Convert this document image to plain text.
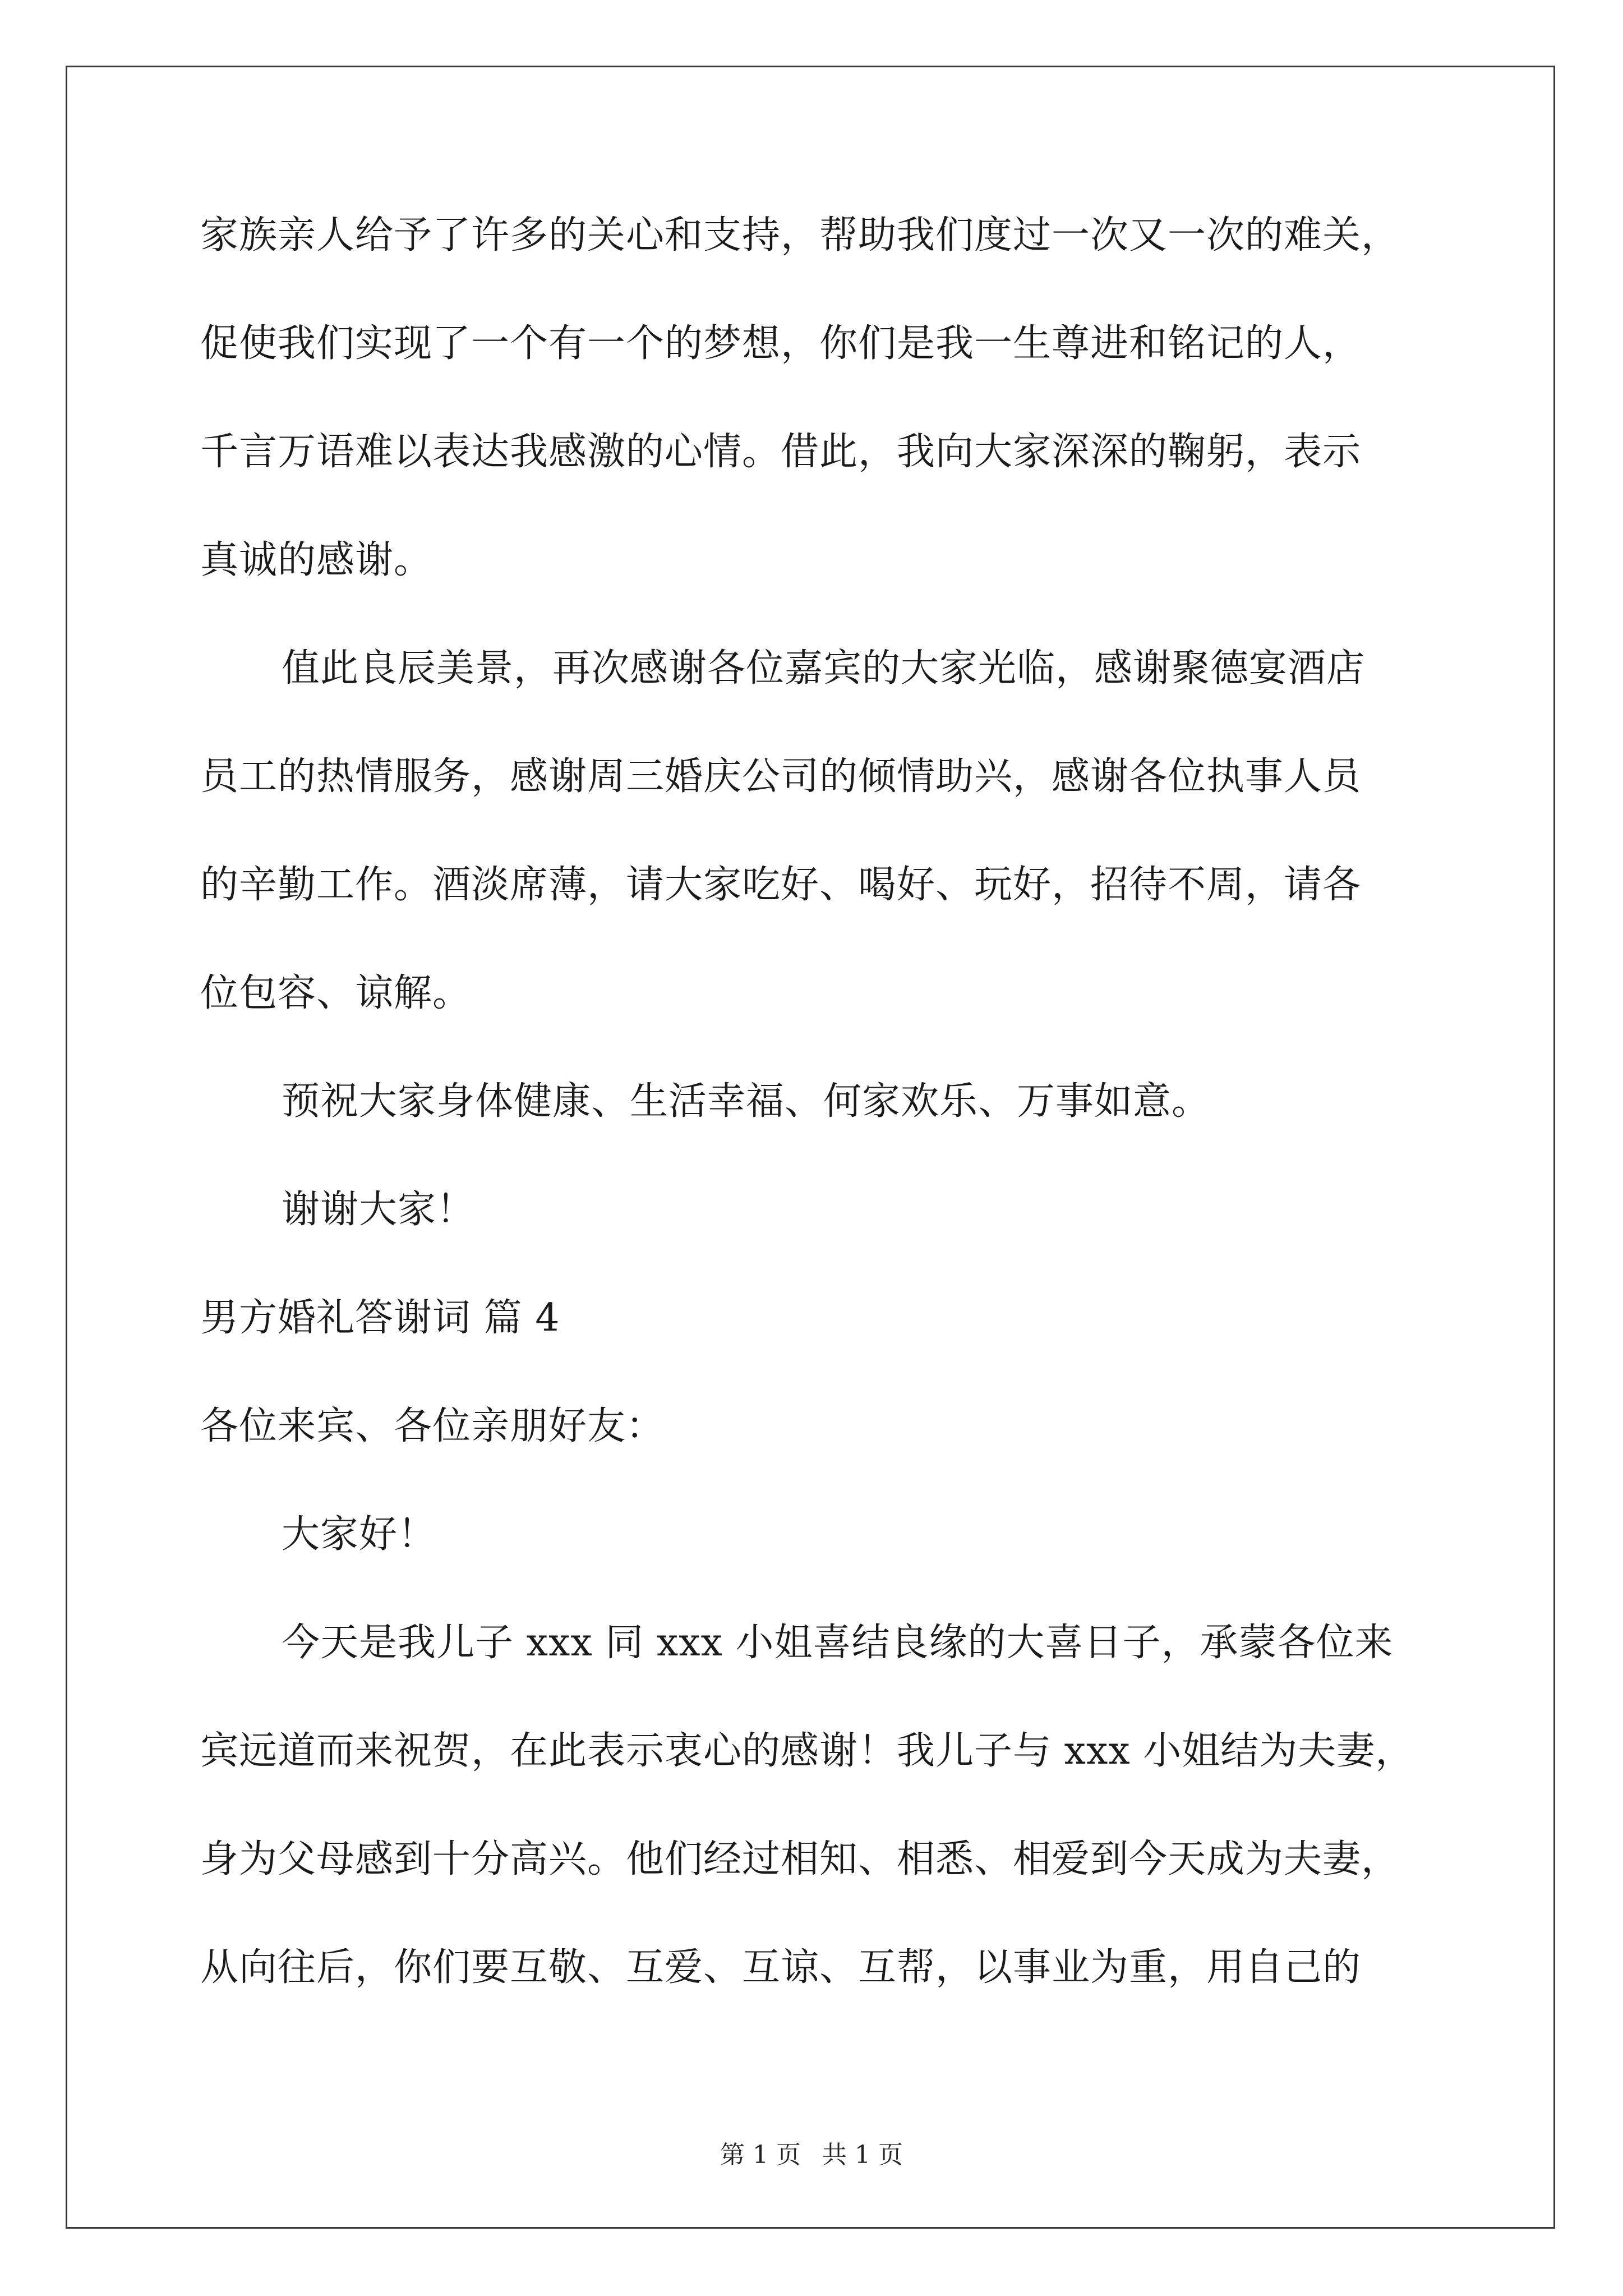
家族亲人给予了许多的关心和支持，帮助我们度过一次又一次的难关，
促使我们实现了一个有一个的梦想，你们是我一生尊进和铭记的人，
千言万语难以表达我感激的心情。借此，我向大家深深的鞠躬，表示
真诚的感谢。
值此良辰美景，再次感谢各位嘉宾的大家光临，感谢聚德宴酒店
员工的热情服务，感谢周三婚庆公司的倾情助兴，感谢各位执事人员
的辛勤工作。酒淡席薄，请大家吃好、喝好、玩好，招待不周，请各
位包容、谅解。
预祝大家身体健康、生活幸福、何家欢乐、万事如意。
谢谢大家！
男方婚礼答谢词 篇 4
各位来宾、各位亲朋好友：
大家好！
今天是我儿子 xxx 同 xxx 小姐喜结良缘的大喜日子，承蒙各位来
宾远道而来祝贺，在此表示衷心的感谢！我儿子与 xxx 小姐结为夫妻，
身为父母感到十分高兴。他们经过相知、相悉、相爱到今天成为夫妻，
从向往后，你们要互敬、互爱、互谅、互帮，以事业为重，用自己的
第 1 页 共 1 页
